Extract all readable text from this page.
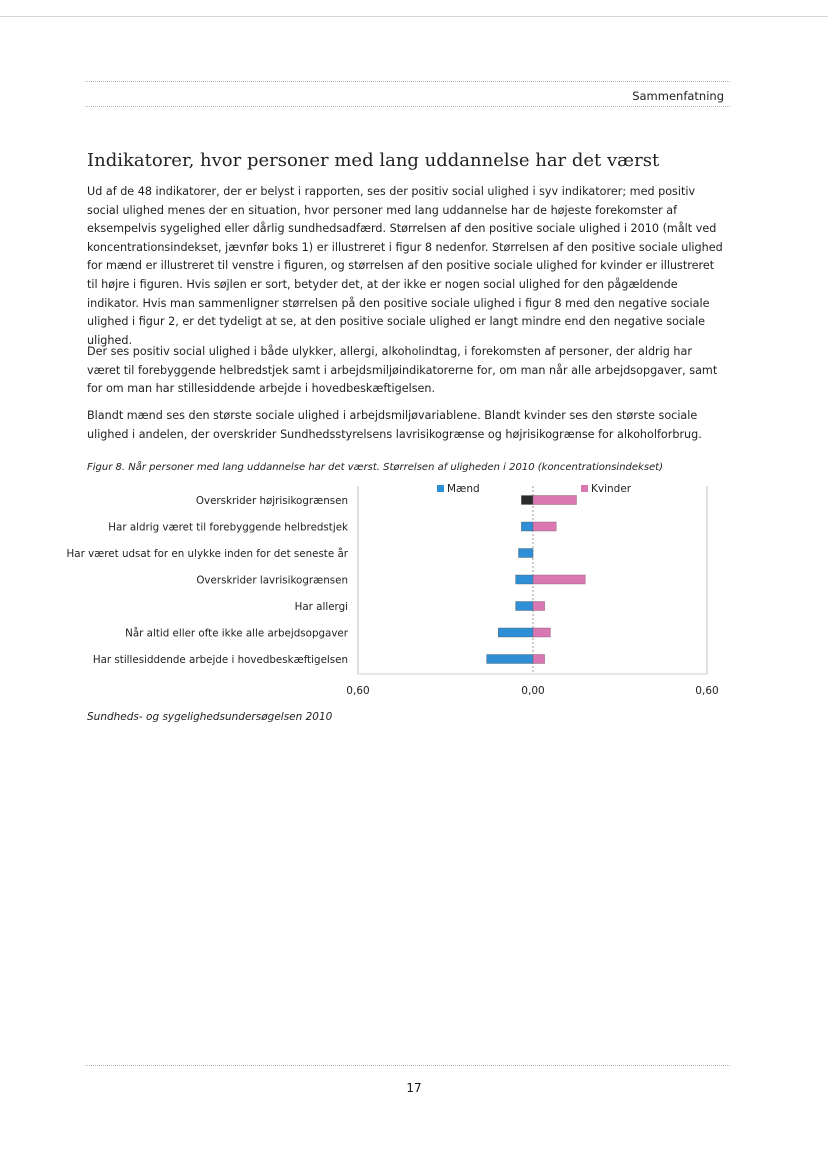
Sammenfatning
Indikatorer, hvor personer med lang uddannelse har det værst

Ud af de 48 indikatorer, der er belyst i rapporten, ses der positiv social ulighed i syv indikatorer; med positiv social ulighed menes der en situation, hvor personer med lang uddannelse har de højeste forekomster af eksempelvis sygelighed eller dårlig sundhedsadfærd. Størrelsen af den positive sociale ulighed i 2010 (målt ved koncentrationsindekset, jævnfør boks 1) er illustreret i figur 8 nedenfor. Størrelsen af den positive sociale ulighed for mænd er illustreret til venstre i figuren, og størrelsen af den positive sociale ulighed for kvinder er illustreret til højre i figuren. Hvis søjlen er sort, betyder det, at der ikke er nogen social ulighed for den pågældende indikator. Hvis man sammenligner størrelsen på den positive sociale ulighed i figur 8 med den negative sociale ulighed i figur 2, er det tydeligt at se, at den positive sociale ulighed er langt mindre end den negative sociale ulighed.

Der ses positiv social ulighed i både ulykker, allergi, alkoholindtag, i forekomsten af personer, der aldrig har været til forebyggende helbredstjek samt i arbejdsmiljøindikatorerne for, om man når alle arbejdsopgaver, samt for om man har stillesiddende arbejde i hovedbeskæftigelsen.

Blandt mænd ses den største sociale ulighed i arbejdsmiljøvariablene. Blandt kvinder ses den største sociale ulighed i andelen, der overskrider Sundhedsstyrelsens lavrisikogrænse og højrisikogrænse for alkoholforbrug.

Figur 8. Når personer med lang uddannelse har det værst. Størrelsen af uligheden i 2010 (koncentrationsindekset)
Mænd	Kvinder
Overskrider højrisikogrænsen
Har aldrig været til forebyggende helbredstjek
Har været udsat for en ulykke inden for det seneste år
Overskrider lavrisikogrænsen
Har allergi
Når altid eller ofte ikke alle arbejdsopgaver
Har stillesiddende arbejde i hovedbeskæftigelsen
0,60	0,00	0,60
Sundheds- og sygelighedsundersøgelsen 2010
17
